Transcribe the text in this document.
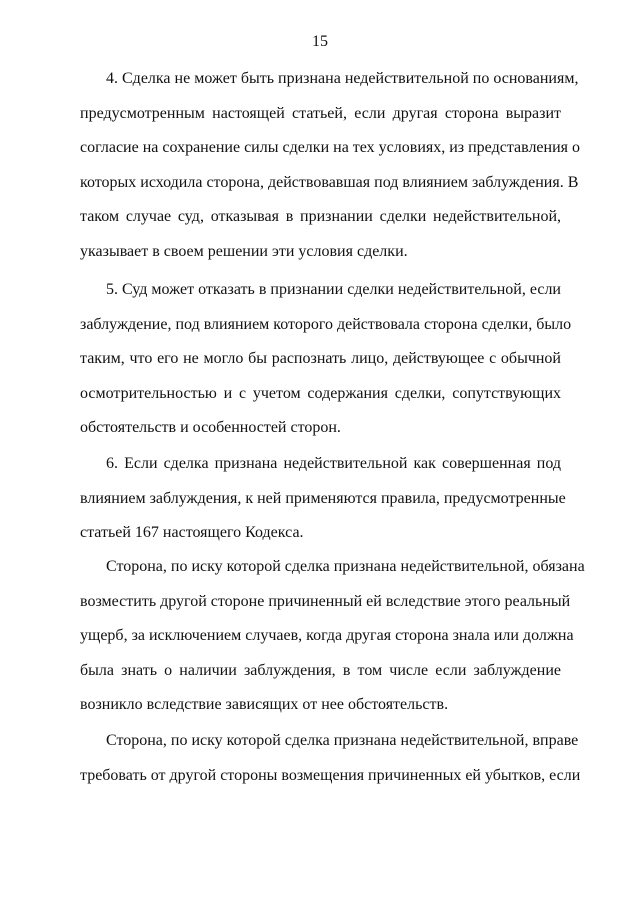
15
4. Сделка не может быть признана недействительной по основаниям,
предусмотренным настоящей статьей, если другая сторона выразит
согласие на сохранение силы сделки на тех условиях, из представления о
которых исходила сторона, действовавшая под влиянием заблуждения. В
таком случае суд, отказывая в признании сделки недействительной,
указывает в своем решении эти условия сделки.
5. Суд может отказать в признании сделки недействительной, если
заблуждение, под влиянием которого действовала сторона сделки, было
таким, что его не могло бы распознать лицо, действующее с обычной
осмотрительностью и с учетом содержания сделки, сопутствующих
обстоятельств и особенностей сторон.
6. Если сделка признана недействительной как совершенная под
влиянием заблуждения, к ней применяются правила, предусмотренные
статьей 167 настоящего Кодекса.
Сторона, по иску которой сделка признана недействительной, обязана
возместить другой стороне причиненный ей вследствие этого реальный
ущерб, за исключением случаев, когда другая сторона знала или должна
была знать о наличии заблуждения, в том числе если заблуждение
возникло вследствие зависящих от нее обстоятельств.
Сторона, по иску которой сделка признана недействительной, вправе
требовать от другой стороны возмещения причиненных ей убытков, если
